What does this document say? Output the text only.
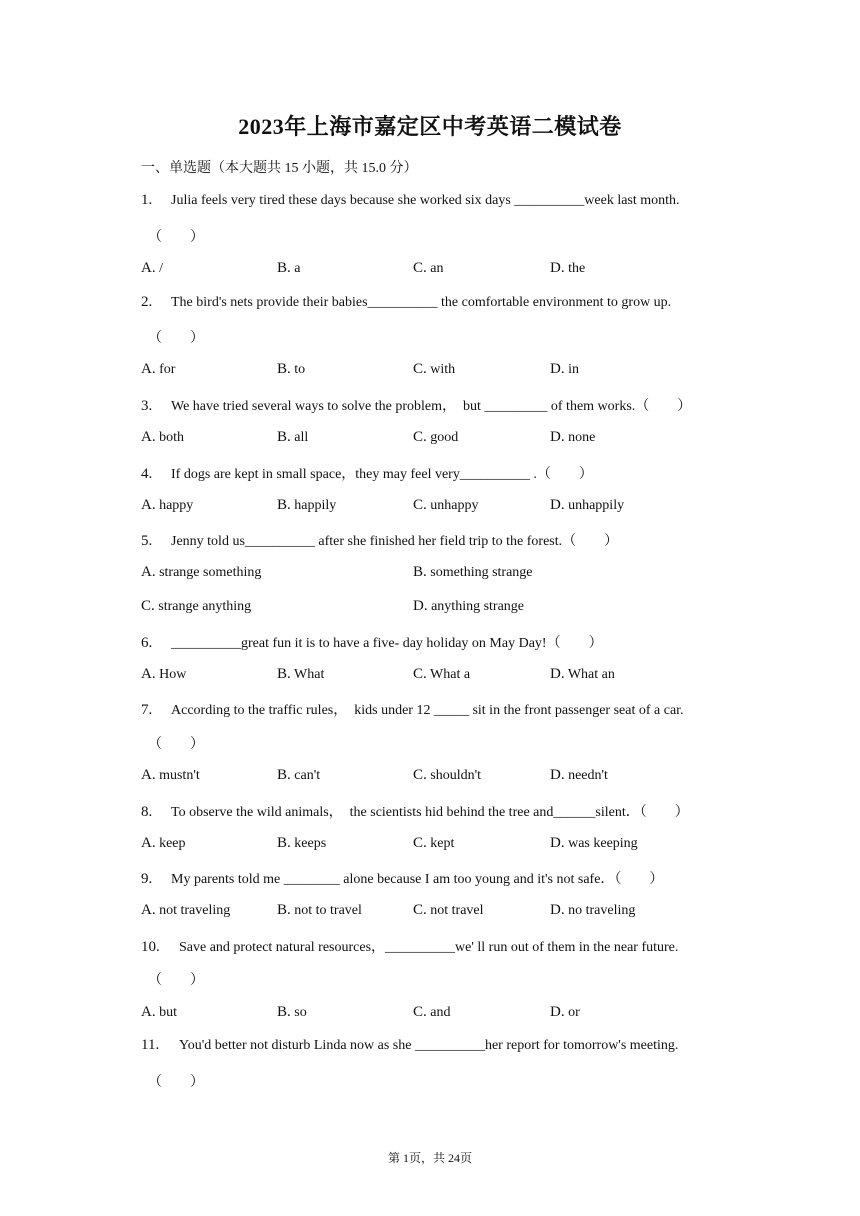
2023年上海市嘉定区中考英语二模试卷
一、单选题（本大题共 15 小题，共 15.0 分）
1. Julia feels very tired these days because she worked six days __________week last month.
（　　）
A. /	B. a	C. an	D. the
2. The bird's nets provide their babies__________ the comfortable environment to grow up.
（　　）
A. for	B. to	C. with	D. in
3. We have tried several ways to solve the problem，　but _________ of them works.（　　）
A. both	B. all	C. good	D. none
4. If dogs are kept in small space，they may feel very__________ .（　　）
A. happy	B. happily	C. unhappy	D. unhappily
5. Jenny told us__________ after she finished her field trip to the forest.（　　）
A. strange something	B. something strange
C. strange anything	D. anything strange
6. __________great fun it is to have a five- day holiday on May Day!（　　）
A. How	B. What	C. What a	D. What an
7. According to the traffic rules，　kids under 12 _____ sit in the front passenger seat of a car.
（　　）
A. mustn't	B. can't	C. shouldn't	D. needn't
8. To observe the wild animals，　the scientists hid behind the tree and______silent．（　　）
A. keep	B. keeps	C. kept	D. was keeping
9. My parents told me ________ alone because I am too young and it's not safe．（　　）
A. not traveling	B. not to travel	C. not travel	D. no traveling
10. Save and protect natural resources，__________we' ll run out of them in the near future.
（　　）
A. but	B. so	C. and	D. or
11. You'd better not disturb Linda now as she __________her report for tomorrow's meeting.
（　　）
第 1页，共 24页
